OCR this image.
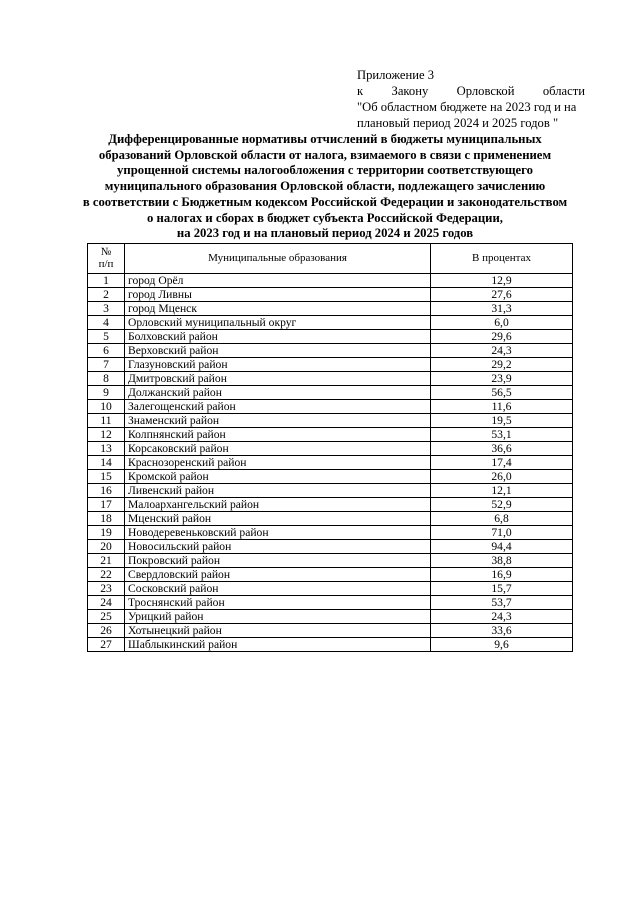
Приложение 3
к Закону Орловской области
"Об областном бюджете на 2023 год и на
плановый период 2024 и 2025 годов "
Дифференцированные нормативы отчислений в бюджеты муниципальных
образований Орловской области от налога, взимаемого в связи с применением
упрощенной системы налогообложения с территории соответствующего
муниципального образования Орловской области, подлежащего зачислению
в соответствии с Бюджетным кодексом Российской Федерации и законодательством
о налогах и сборах в бюджет субъекта Российской Федерации,
на 2023 год и на плановый период 2024 и 2025 годов
№
п/п	Муниципальные образования	В процентах
1	город Орёл	12,9
2	город Ливны	27,6
3	город Мценск	31,3
4	Орловский муниципальный округ	6,0
5	Болховский район	29,6
6	Верховский район	24,3
7	Глазуновский район	29,2
8	Дмитровский район	23,9
9	Должанский район	56,5
10	Залегощенский район	11,6
11	Знаменский район	19,5
12	Колпнянский район	53,1
13	Корсаковский район	36,6
14	Краснозоренский район	17,4
15	Кромской район	26,0
16	Ливенский район	12,1
17	Малоархангельский район	52,9
18	Мценский район	6,8
19	Новодеревеньковский район	71,0
20	Новосильский район	94,4
21	Покровский район	38,8
22	Свердловский район	16,9
23	Сосковский район	15,7
24	Троснянский район	53,7
25	Урицкий район	24,3
26	Хотынецкий район	33,6
27	Шаблыкинский район	9,6
